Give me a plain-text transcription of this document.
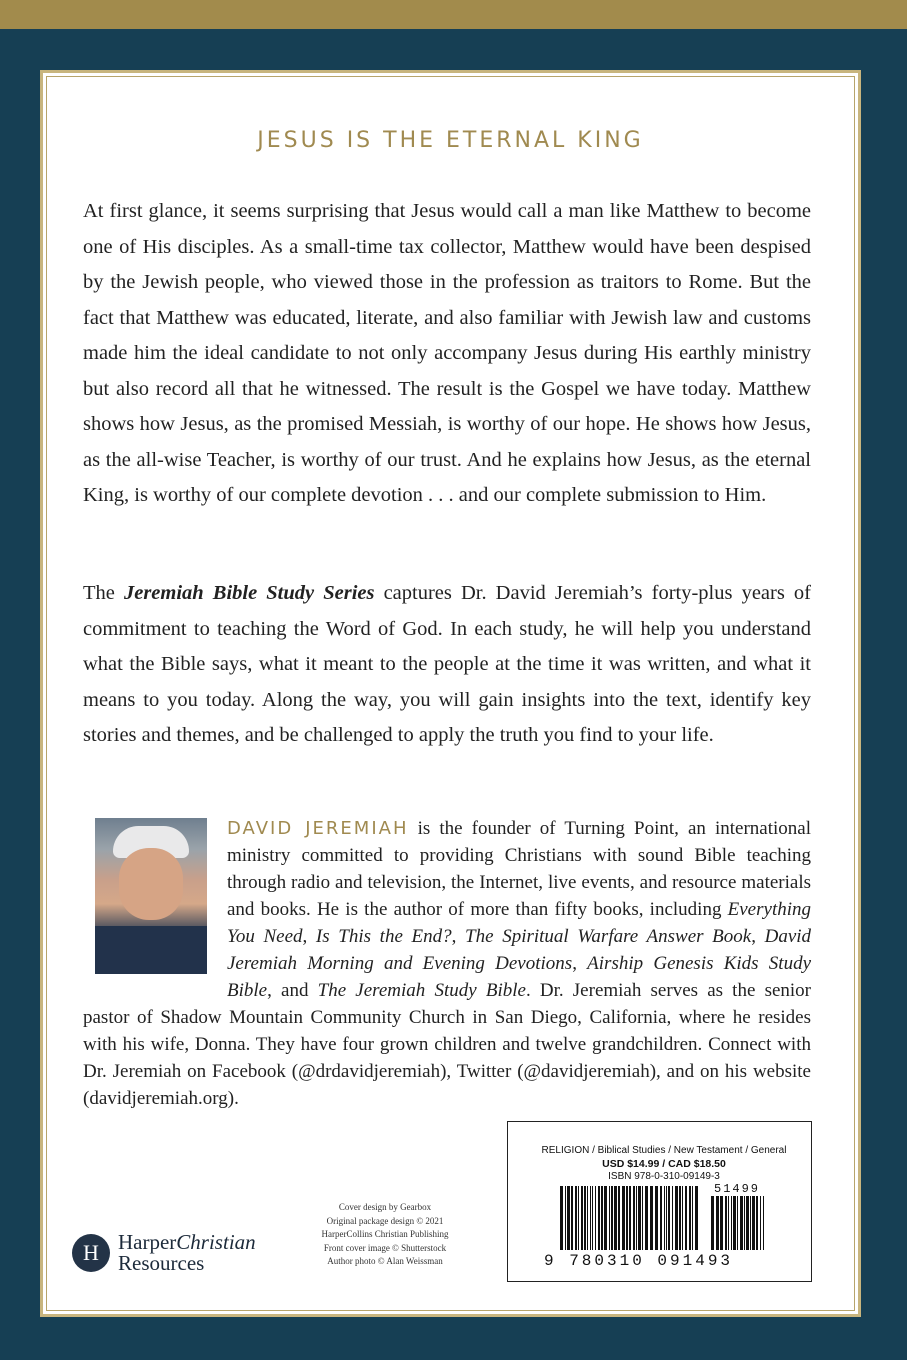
JESUS IS THE ETERNAL KING
At first glance, it seems surprising that Jesus would call a man like Matthew to become one of His disciples. As a small-time tax collector, Matthew would have been despised by the Jewish people, who viewed those in the profession as traitors to Rome. But the fact that Matthew was educated, literate, and also familiar with Jewish law and customs made him the ideal candidate to not only accompany Jesus during His earthly ministry but also record all that he witnessed. The result is the Gospel we have today. Matthew shows how Jesus, as the promised Messiah, is worthy of our hope. He shows how Jesus, as the all-wise Teacher, is worthy of our trust. And he explains how Jesus, as the eternal King, is worthy of our complete devotion . . . and our complete submission to Him.
The Jeremiah Bible Study Series captures Dr. David Jeremiah’s forty-plus years of commitment to teaching the Word of God. In each study, he will help you understand what the Bible says, what it meant to the people at the time it was written, and what it means to you today. Along the way, you will gain insights into the text, identify key stories and themes, and be challenged to apply the truth you find to your life.
DAVID JEREMIAH is the founder of Turning Point, an international ministry committed to providing Christians with sound Bible teaching through radio and television, the Internet, live events, and resource materials and books. He is the author of more than fifty books, including Everything You Need, Is This the End?, The Spiritual Warfare Answer Book, David Jeremiah Morning and Evening Devotions, Airship Genesis Kids Study Bible, and The Jeremiah Study Bible. Dr. Jeremiah serves as the senior pastor of Shadow Mountain Community Church in San Diego, California, where he resides with his wife, Donna. They have four grown children and twelve grandchildren. Connect with Dr. Jeremiah on Facebook (@drdavidjeremiah), Twitter (@davidjeremiah), and on his website (davidjeremiah.org).
H HarperChristian
Resources
Cover design by Gearbox
Original package design © 2021
HarperCollins Christian Publishing
Front cover image © Shutterstock
Author photo © Alan Weissman
RELIGION / Biblical Studies / New Testament / General
USD $14.99 / CAD $18.50
ISBN 978-0-310-09149-3
51499
9 780310 091493
